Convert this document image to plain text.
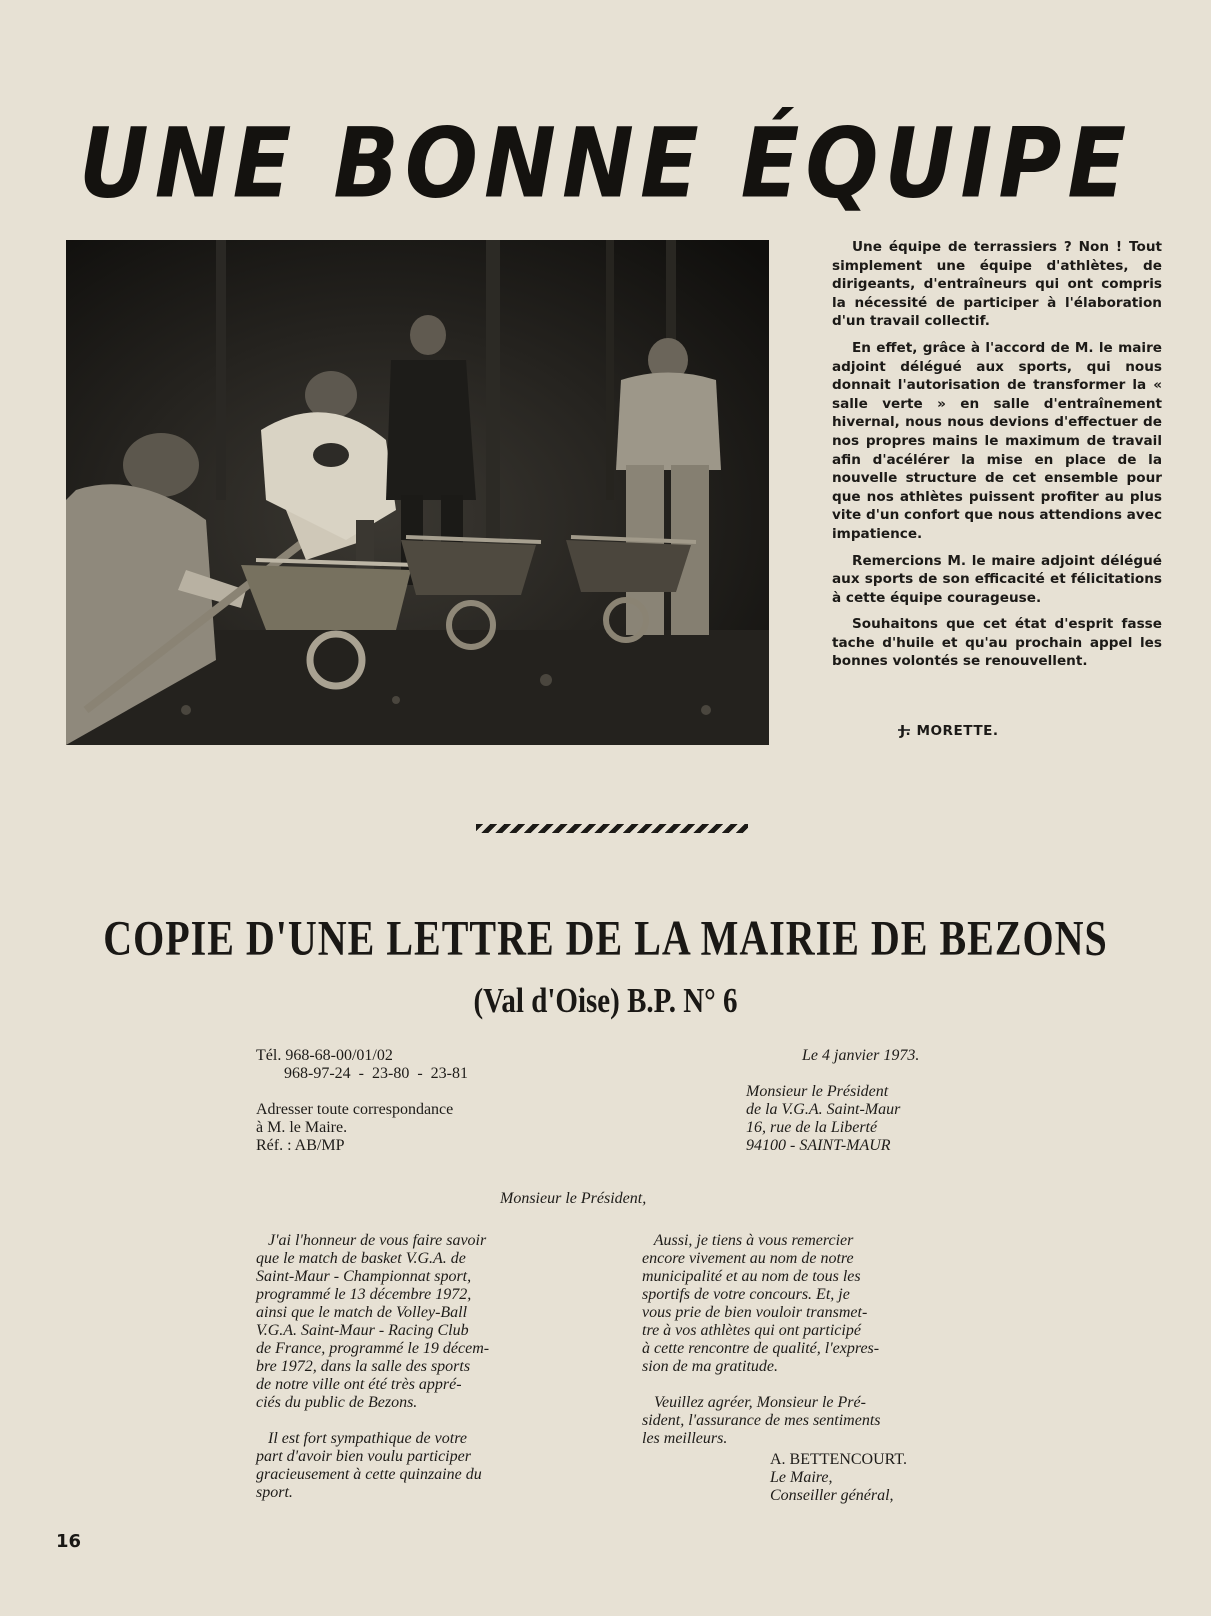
UNE BONNE ÉQUIPE

Une équipe de terrassiers ? Non ! Tout simplement une équipe d'athlètes, de dirigeants, d'entraîneurs qui ont compris la nécessité de participer à l'élaboration d'un travail collectif.

En effet, grâce à l'accord de M. le maire adjoint délégué aux sports, qui nous donnait l'autorisation de transformer la « salle verte » en salle d'entraînement hivernal, nous nous devions d'effectuer de nos propres mains le maximum de travail afin d'acélérer la mise en place de la nouvelle structure de cet ensemble pour que nos athlètes puissent profiter au plus vite d'un confort que nous attendions avec impatience.

Remercions M. le maire adjoint délégué aux sports de son efficacité et félicitations à cette équipe courageuse.

Souhaitons que cet état d'esprit fasse tache d'huile et qu'au prochain appel les bonnes volontés se renouvellent.

J. MORETTE.
COPIE D'UNE LETTRE DE LA MAIRIE DE BEZONS
(Val d'Oise) B.P. N° 6
Tél. 968-68-00/01/02
968-97-24  -  23-80  -  23-81
Adresser toute correspondance
à M. le Maire.
Réf. : AB/MP
Le 4 janvier 1973.
Monsieur le Président
de la V.G.A. Saint-Maur
16, rue de la Liberté
94100 - SAINT-MAUR
Monsieur le Président,

J'ai l'honneur de vous faire savoir
que le match de basket V.G.A. de
Saint-Maur - Championnat sport,
programmé le 13 décembre 1972,
ainsi que le match de Volley-Ball
V.G.A. Saint-Maur - Racing Club
de France, programmé le 19 décem-
bre 1972, dans la salle des sports
de notre ville ont été très appré-
ciés du public de Bezons.

Il est fort sympathique de votre
part d'avoir bien voulu participer
gracieusement à cette quinzaine du
sport.

Aussi, je tiens à vous remercier
encore vivement au nom de notre
municipalité et au nom de tous les
sportifs de votre concours. Et, je
vous prie de bien vouloir transmet-
tre à vos athlètes qui ont participé
à cette rencontre de qualité, l'expres-
sion de ma gratitude.

Veuillez agréer, Monsieur le Pré-
sident, l'assurance de mes sentiments
les meilleurs.

A. BETTENCOURT.
Le Maire,
Conseiller général,
16
